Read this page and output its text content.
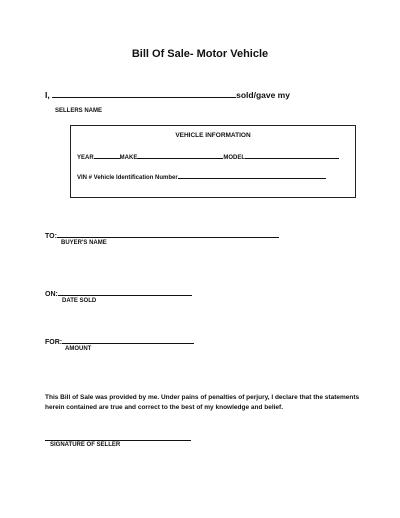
Bill Of Sale- Motor Vehicle
I,	sold/gave my
SELLERS NAME
VEHICLE INFORMATION
YEAR	MAKE	MODEL
VIN # Vehicle Identification Number
TO:
BUYER'S NAME
ON:
DATE SOLD
FOR:
AMOUNT
This Bill of Sale was provided by me. Under pains of penalties of perjury, I declare that the statements herein contained are true and correct to the best of my knowledge and belief.
SIGNATURE OF SELLER
